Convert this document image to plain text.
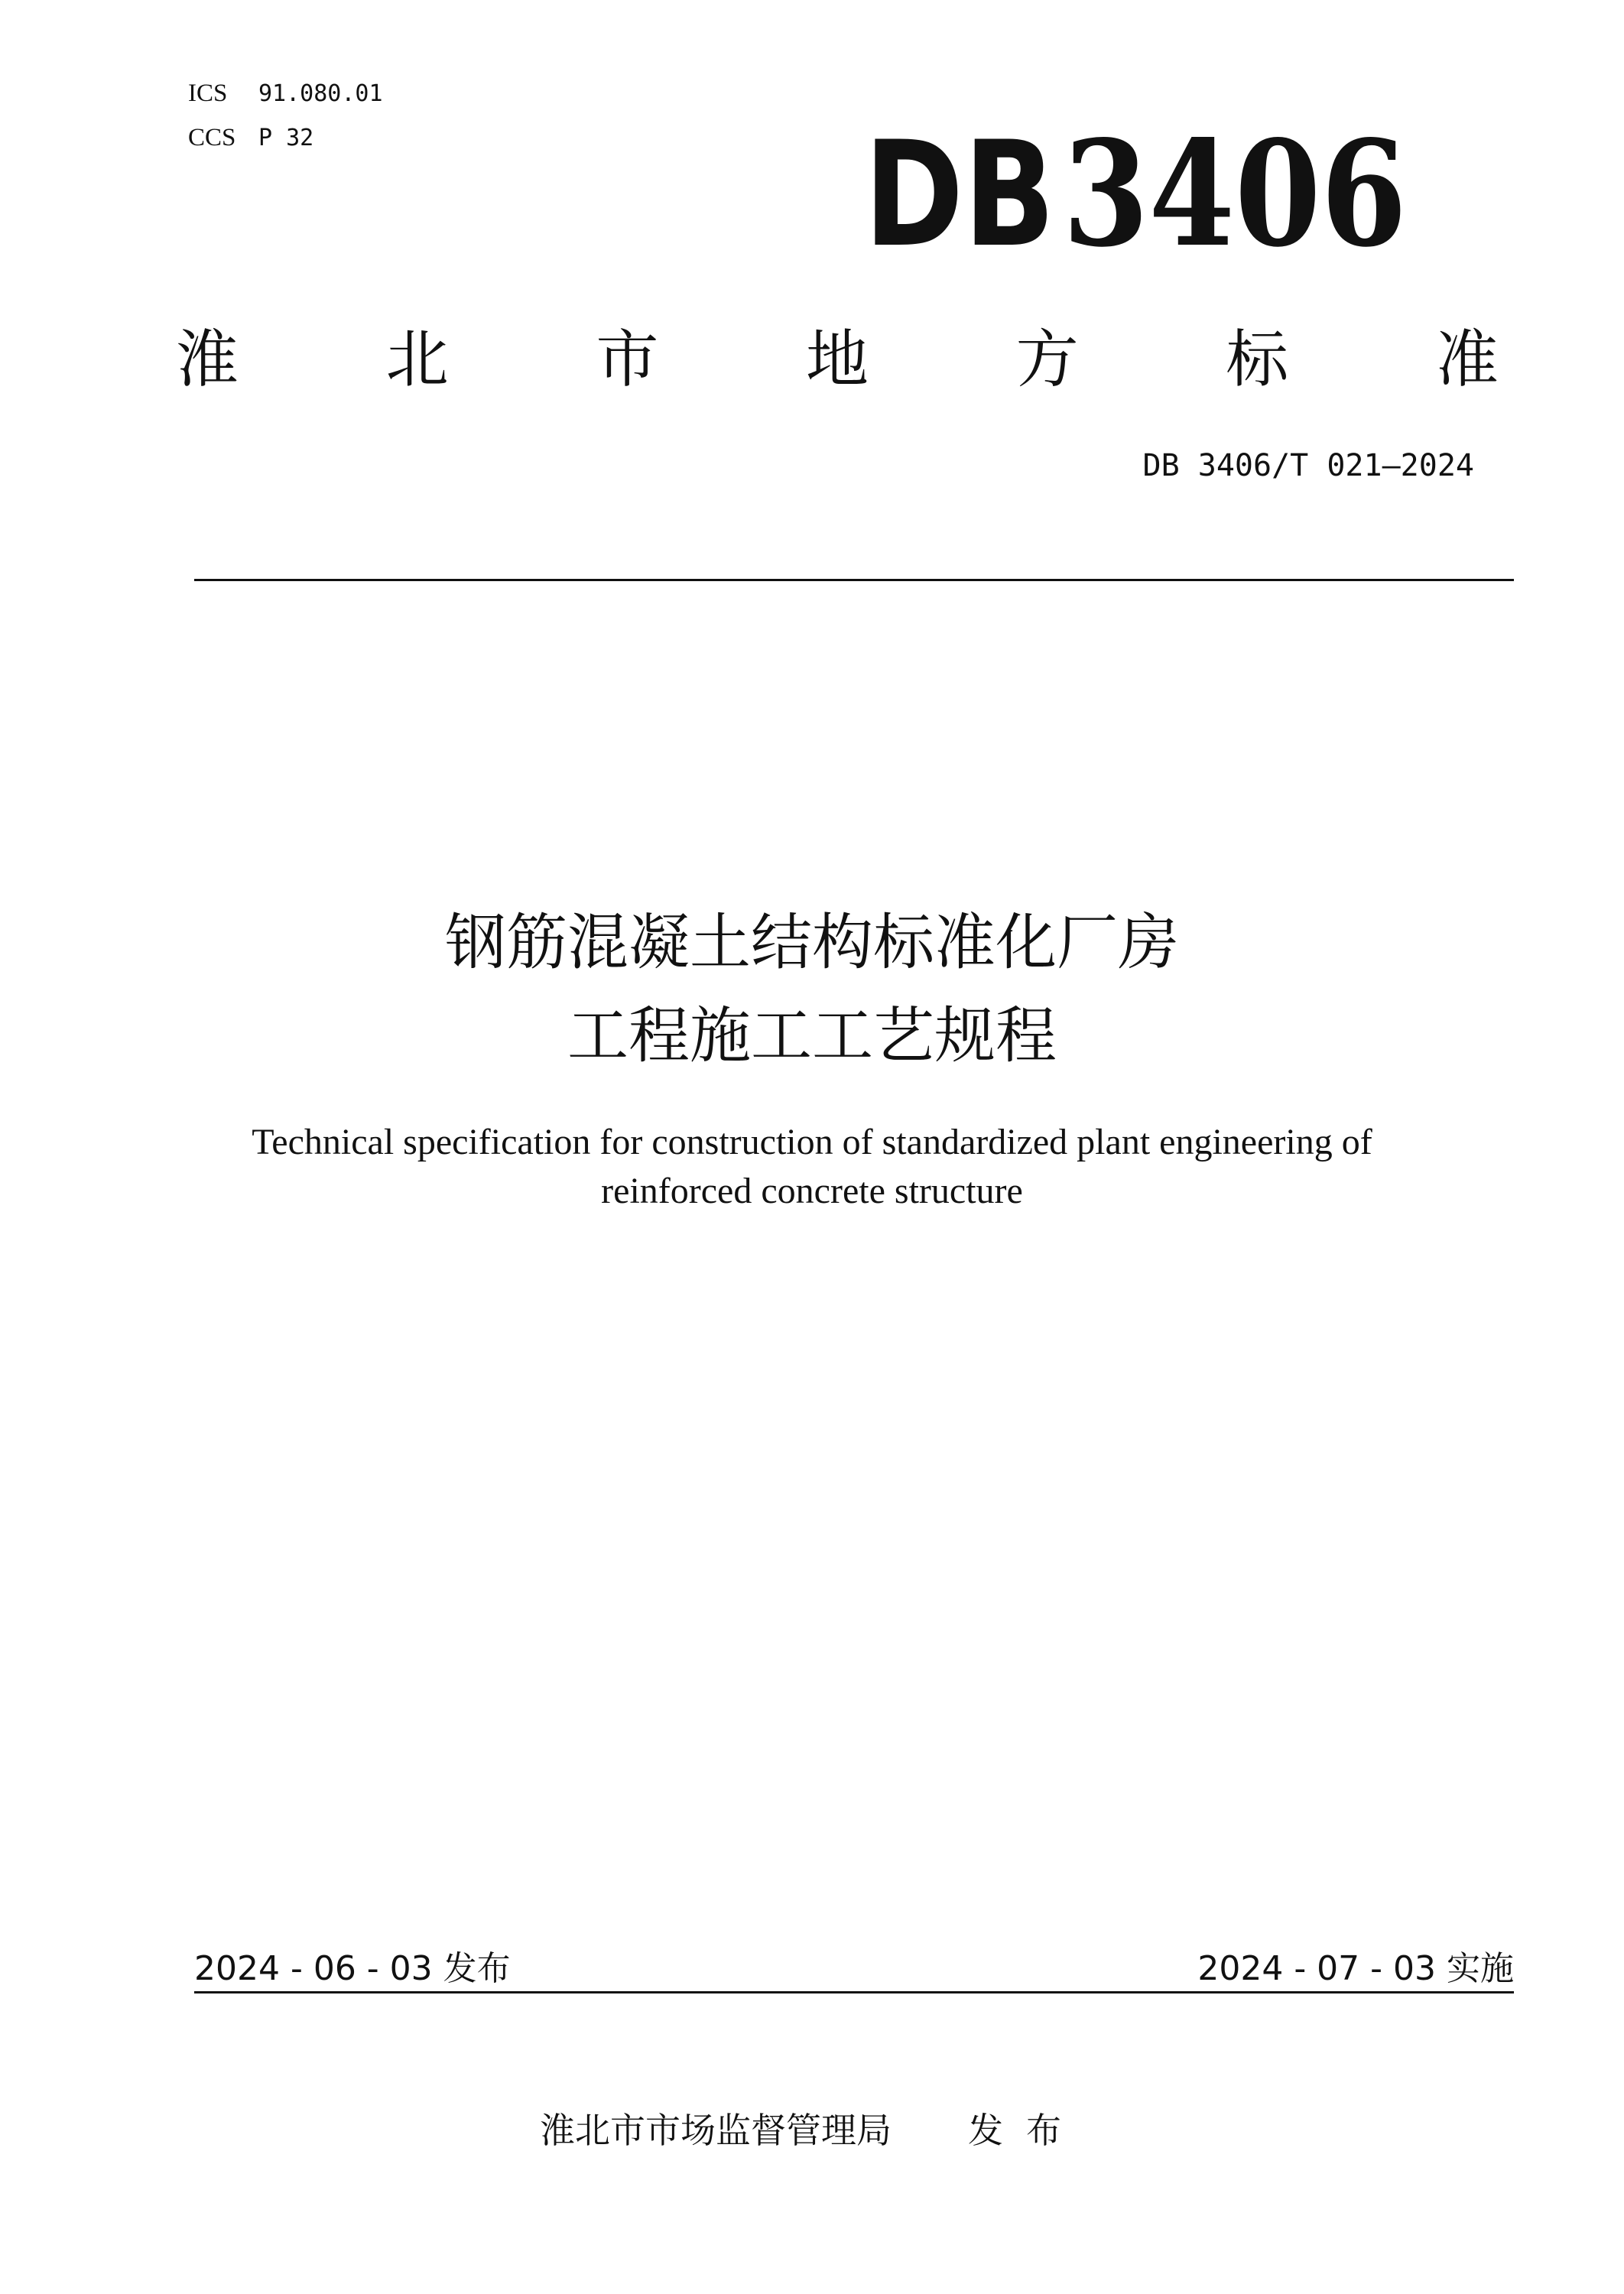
ICS 91.080.01
CCS P 32	DB 3406
淮 北 市 地 方 标 准
DB 3406/T 021—2024
钢筋混凝土结构标准化厂房
工程施工工艺规程
Technical specification for construction of standardized plant engineering of
reinforced concrete structure
2024 - 06 - 03 发布	2024 - 07 - 03 实施
淮北市市场监督管理局 发布
